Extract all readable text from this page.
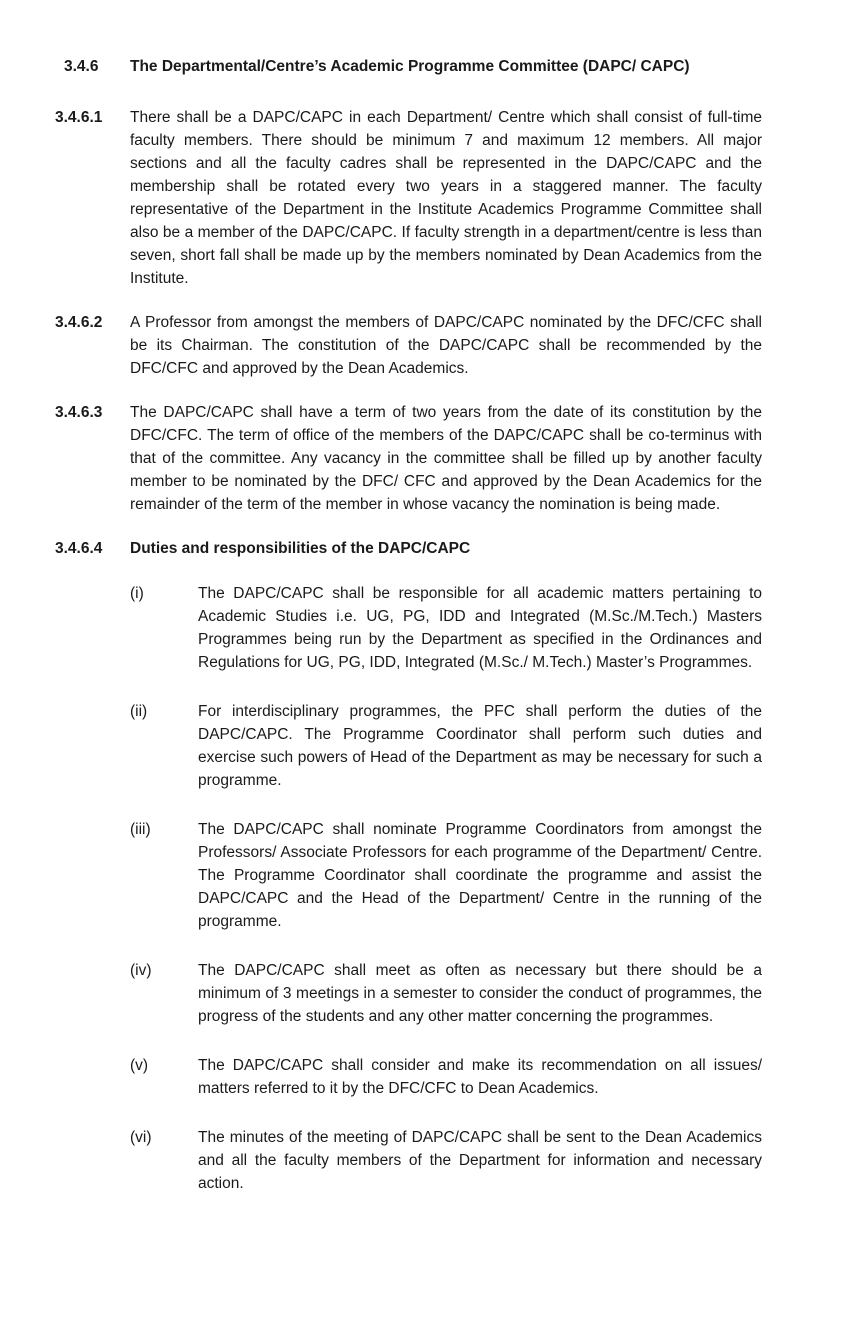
3.4.6	The Departmental/Centre’s Academic Programme Committee (DAPC/ CAPC)
3.4.6.1	There shall be a DAPC/CAPC in each Department/ Centre which shall consist of full-time faculty members. There should be minimum 7 and maximum 12 members. All major sections and all the faculty cadres shall be represented in the DAPC/CAPC and the membership shall be rotated every two years in a staggered manner. The faculty representative of the Department in the Institute Academics Programme Committee shall also be a member of the DAPC/CAPC. If faculty strength in a department/centre is less than seven, short fall shall be made up by the members nominated by Dean Academics from the Institute.
3.4.6.2	A Professor from amongst the members of DAPC/CAPC nominated by the DFC/CFC shall be its Chairman. The constitution of the DAPC/CAPC shall be recommended by the DFC/CFC and approved by the Dean Academics.
3.4.6.3	The DAPC/CAPC shall have a term of two years from the date of its constitution by the DFC/CFC. The term of office of the members of the DAPC/CAPC shall be co-terminus with that of the committee. Any vacancy in the committee shall be filled up by another faculty member to be nominated by the DFC/ CFC and approved by the Dean Academics for the remainder of the term of the member in whose vacancy the nomination is being made.
3.4.6.4	Duties and responsibilities of the DAPC/CAPC
(i)	The DAPC/CAPC shall be responsible for all academic matters pertaining to Academic Studies i.e. UG, PG, IDD and Integrated (M.Sc./M.Tech.) Masters Programmes being run by the Department as specified in the Ordinances and Regulations for UG, PG, IDD, Integrated (M.Sc./ M.Tech.) Master’s Programmes.
(ii)	For interdisciplinary programmes, the PFC shall perform the duties of the DAPC/CAPC. The Programme Coordinator shall perform such duties and exercise such powers of Head of the Department as may be necessary for such a programme.
(iii)	The DAPC/CAPC shall nominate Programme Coordinators from amongst the Professors/ Associate Professors for each programme of the Department/ Centre. The Programme Coordinator shall coordinate the programme and assist the DAPC/CAPC and the Head of the Department/ Centre in the running of the programme.
(iv)	The DAPC/CAPC shall meet as often as necessary but there should be a minimum of 3 meetings in a semester to consider the conduct of programmes, the progress of the students and any other matter concerning the programmes.
(v)	The DAPC/CAPC shall consider and make its recommendation on all issues/ matters referred to it by the DFC/CFC to Dean Academics.
(vi)	The minutes of the meeting of DAPC/CAPC shall be sent to the Dean Academics and all the faculty members of the Department for information and necessary action.
